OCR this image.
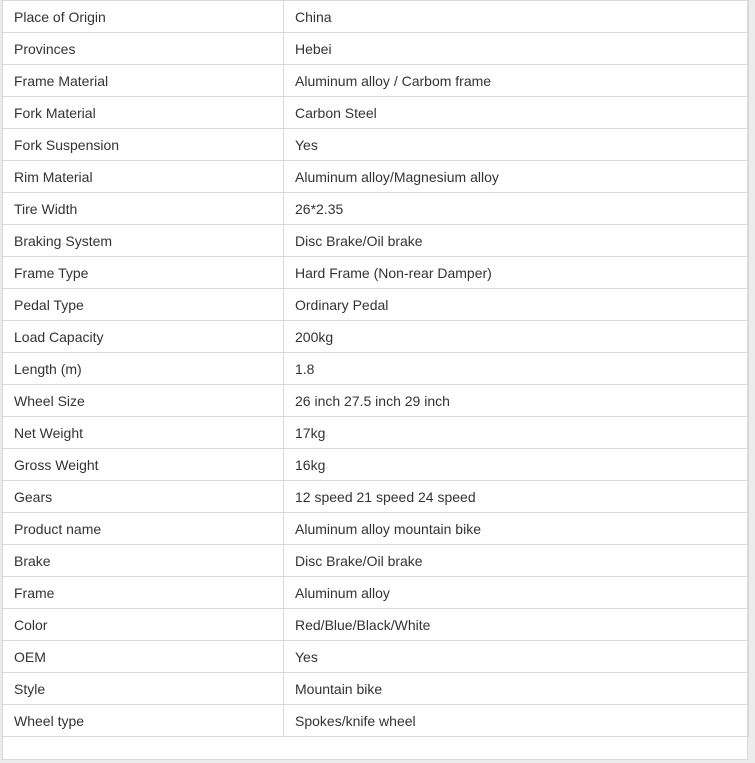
Place of Origin	China
Provinces	Hebei
Frame Material	Aluminum alloy / Carbom frame
Fork Material	Carbon Steel
Fork Suspension	Yes
Rim Material	Aluminum alloy/Magnesium alloy
Tire Width	26*2.35
Braking System	Disc Brake/Oil brake
Frame Type	Hard Frame (Non-rear Damper)
Pedal Type	Ordinary Pedal
Load Capacity	200kg
Length (m)	1.8
Wheel Size	26 inch 27.5 inch 29 inch
Net Weight	17kg
Gross Weight	16kg
Gears	12 speed 21 speed 24 speed
Product name	Aluminum alloy mountain bike
Brake	Disc Brake/Oil brake
Frame	Aluminum alloy
Color	Red/Blue/Black/White
OEM	Yes
Style	Mountain bike
Wheel type	Spokes/knife wheel
